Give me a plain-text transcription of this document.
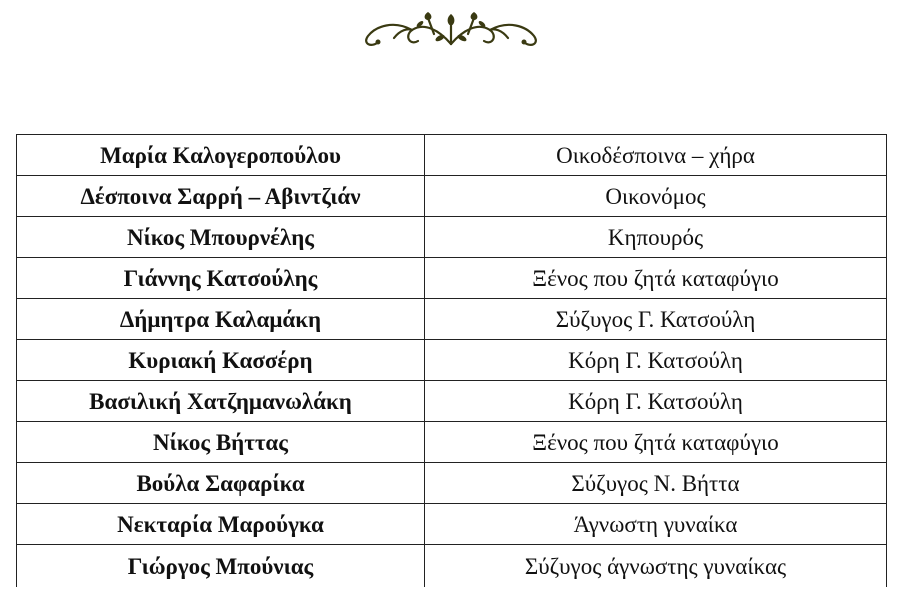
Μαρία Καλογεροπούλου	Οικοδέσποινα – χήρα
Δέσποινα Σαρρή – Αβιντζιάν	Οικονόμος
Νίκος Μπουρνέλης	Κηπουρός
Γιάννης Κατσούλης	Ξένος που ζητά καταφύγιο
Δήμητρα Καλαμάκη	Σύζυγος Γ. Κατσούλη
Κυριακή Κασσέρη	Κόρη Γ. Κατσούλη
Βασιλική Χατζημανωλάκη	Κόρη Γ. Κατσούλη
Νίκος Βήττας	Ξένος που ζητά καταφύγιο
Βούλα Σαφαρίκα	Σύζυγος Ν. Βήττα
Νεκταρία Μαρούγκα	Άγνωστη γυναίκα
Γιώργος Μπούνιας	Σύζυγος άγνωστης γυναίκας
